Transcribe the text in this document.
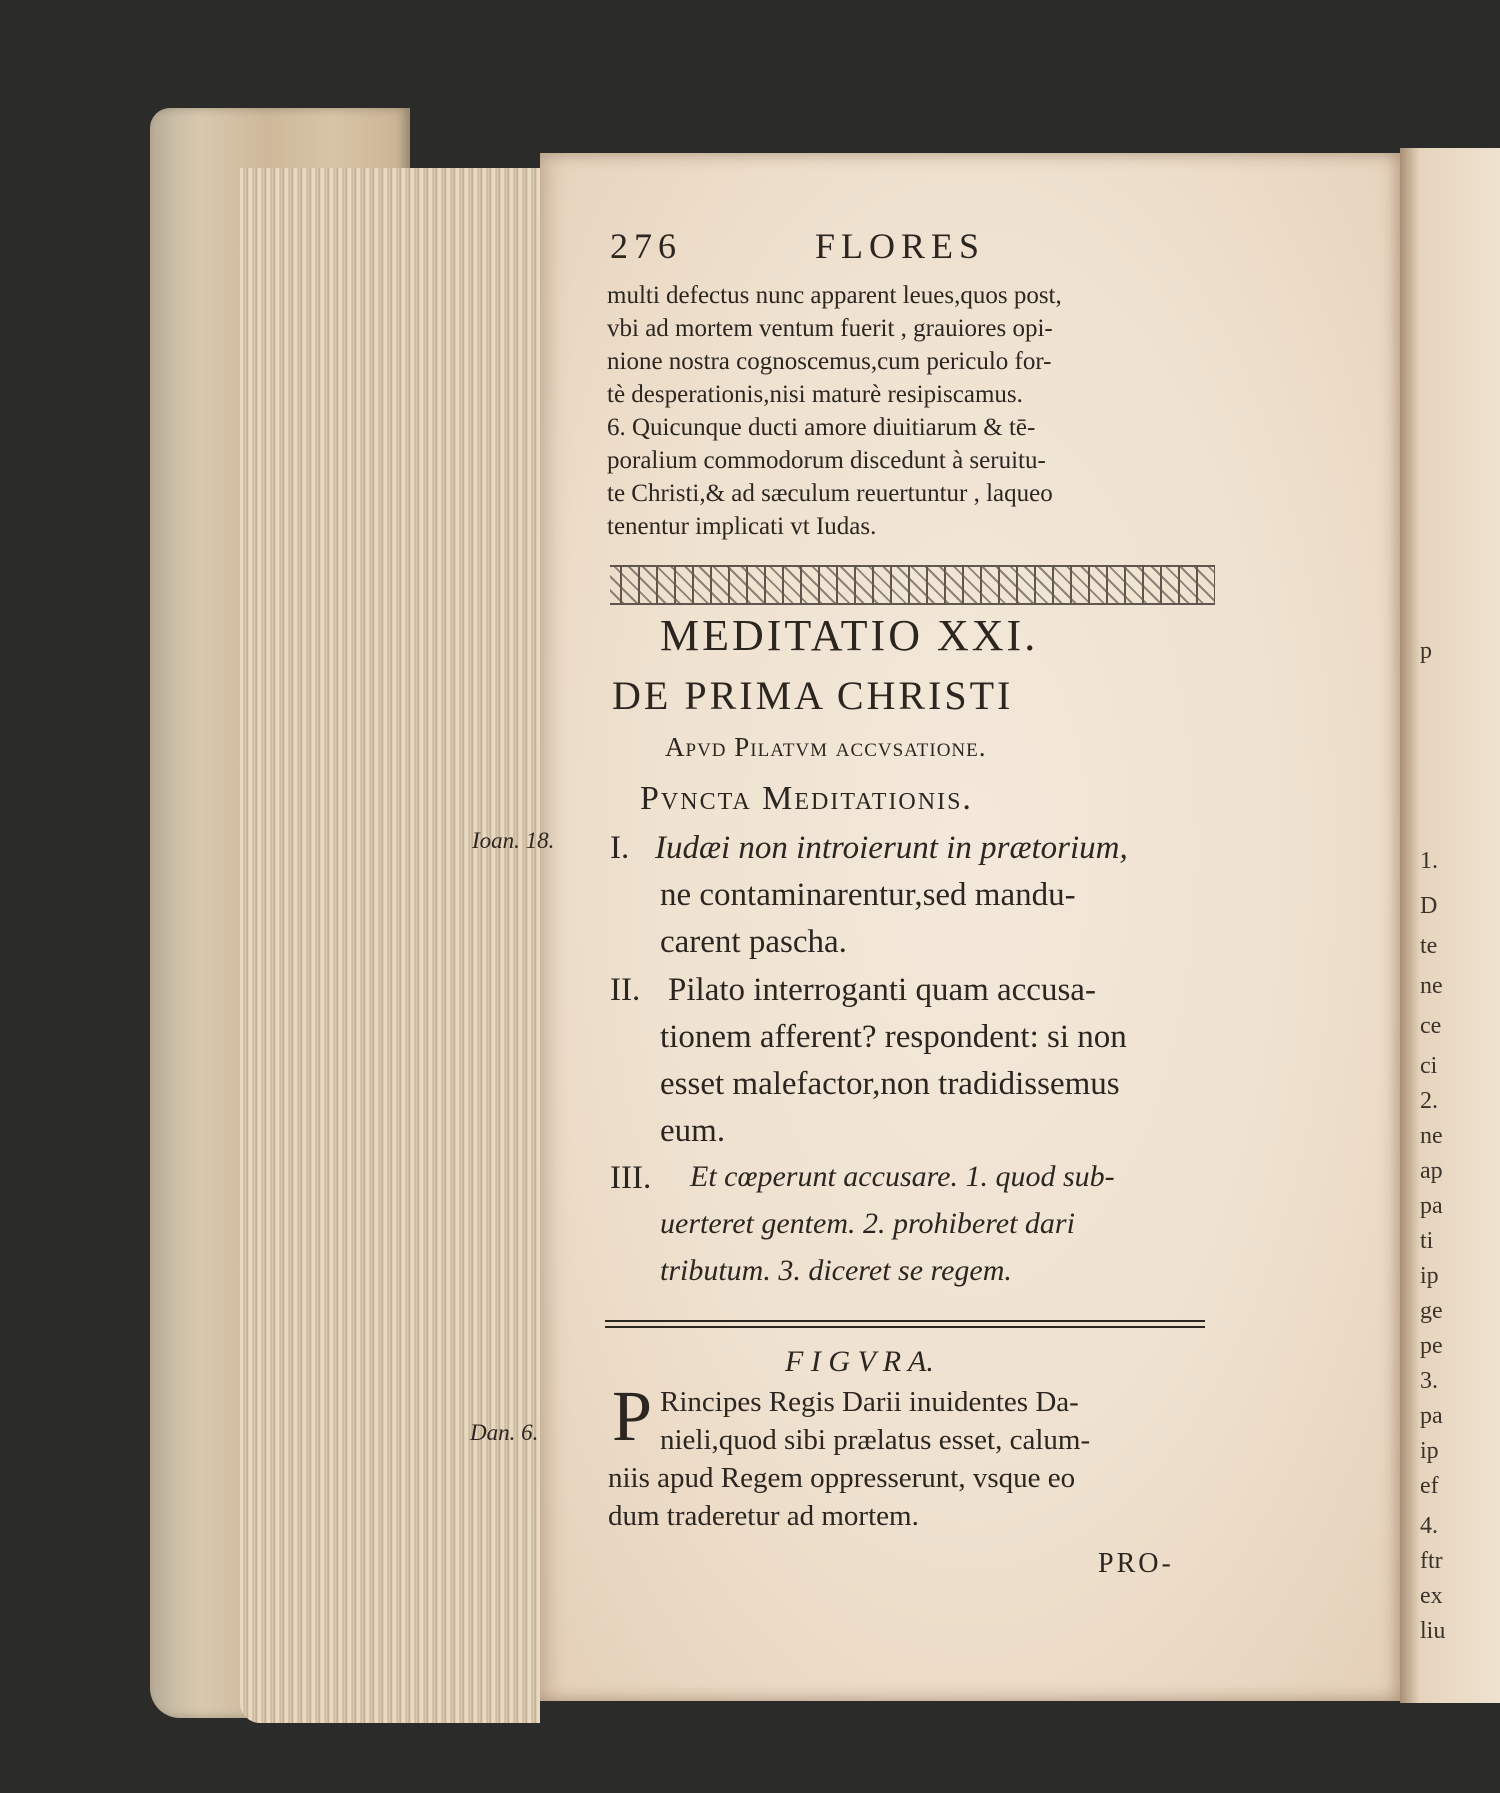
p
1.
D
te
ne
ce
ci
2.
ne
ap
pa
ti
ip
ge
pe
3.
pa
ip
ef
4.
ftr
ex
liu
276	FLORES
multi defectus nunc apparent leues,quos post,
vbi ad mortem ventum fuerit , grauiores opi-
nione nostra cognoscemus,cum periculo for-
tè desperationis,nisi maturè resipiscamus.
6. Quicunque ducti amore diuitiarum & tē-
poralium commodorum discedunt à seruitu-
te Christi,& ad sæculum reuertuntur , laqueo
tenentur implicati vt Iudas.
MEDITATIO XXI.
DE PRIMA CHRISTI
Apvd Pilatvm accvsatione.
Pvncta Meditationis.
Ioan. 18. I. Iudæi non introierunt in prætorium,
ne contaminarentur,sed mandu-
carent pascha.
II. Pilato interroganti quam accusa-
tionem afferent? respondent: si non
esset malefactor,non tradidissemus
eum.
III. Et cœperunt accusare. 1. quod sub-
uerteret gentem. 2. prohiberet dari
tributum. 3. diceret se regem.
F I G V R A.
Dan. 6. P Rincipes Regis Darii inuidentes Da-
nieli,quod sibi prælatus esset, calum-
niis apud Regem oppresserunt, vsque eo
dum traderetur ad mortem.
PRO-
